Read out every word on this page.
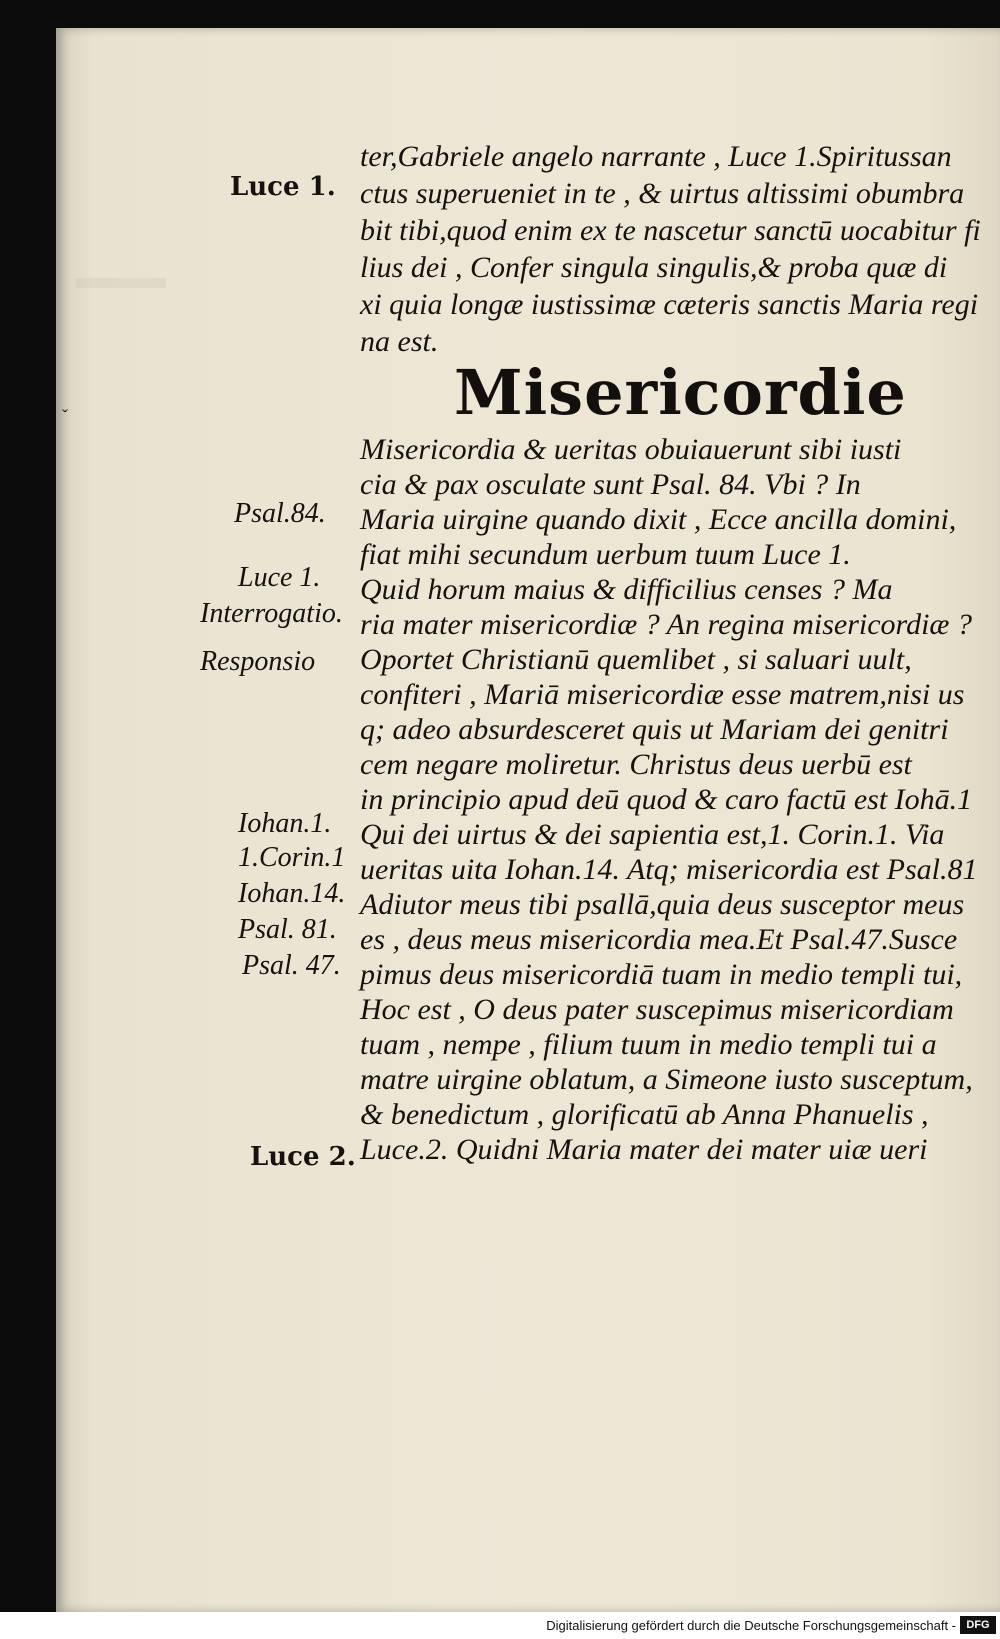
ter,Gabriele angelo narrante , Luce 1.Spiritussan
ctus superueniet in te , & uirtus altissimi obumbra
bit tibi,quod enim ex te nascetur sanctū uocabitur fi
lius dei , Confer singula singulis,& proba quæ di
xi quia longæ iustissimæ cæteris sanctis Maria regi
na est.
Misericordie
Misericordia & ueritas obuiauerunt sibi iusti
cia & pax osculate sunt Psal. 84. Vbi ? In
Maria uirgine quando dixit , Ecce ancilla domini,
fiat mihi secundum uerbum tuum Luce 1.
Quid horum maius & difficilius censes ? Ma
ria mater misericordiæ ? An regina misericordiæ ?
Oportet Christianū quemlibet , si saluari uult,
confiteri , Mariā misericordiæ esse matrem,nisi us
q; adeo absurdesceret quis ut Mariam dei genitri
cem negare moliretur. Christus deus uerbū est
in principio apud deū quod & caro factū est Iohā.1
Qui dei uirtus & dei sapientia est,1. Corin.1. Via
ueritas uita Iohan.14. Atq; misericordia est Psal.81
Adiutor meus tibi psallā,quia deus susceptor meus
es , deus meus misericordia mea.Et Psal.47.Susce
pimus deus misericordiā tuam in medio templi tui,
Hoc est , O deus pater suscepimus misericordiam
tuam , nempe , filium tuum in medio templi tui a
matre uirgine oblatum, a Simeone iusto susceptum,
& benedictum , glorificatū ab Anna Phanuelis ,
Luce.2. Quidni Maria mater dei mater uiæ ueri
Luce 1.
Psal.84.
Luce 1.
Interrogatio.
Responsio
Iohan.1.
1.Corin.1
Iohan.14.
Psal. 81.
Psal. 47.
Luce 2.
ˇ
Digitalisierung gefördert durch die Deutsche Forschungsgemeinschaft - DFG
